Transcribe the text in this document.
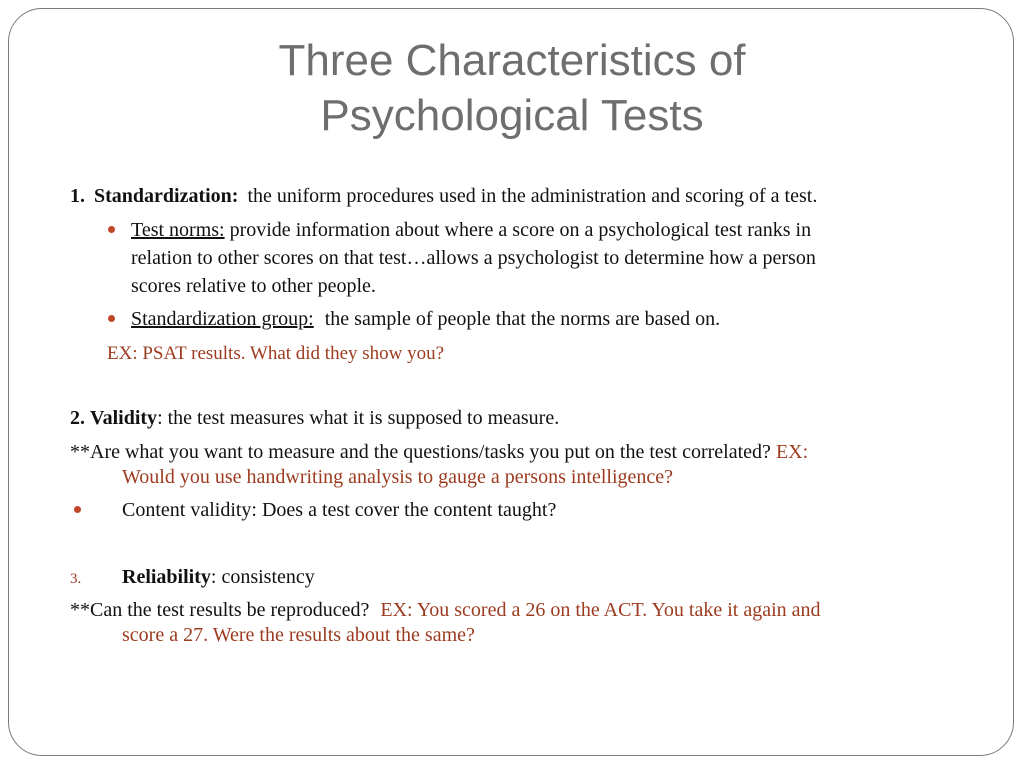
Three Characteristics of
Psychological Tests
1. Standardization: the uniform procedures used in the administration and scoring of a test.
Test norms: provide information about where a score on a psychological test ranks in
relation to other scores on that test…allows a psychologist to determine how a person
scores relative to other people.
Standardization group: the sample of people that the norms are based on.
EX: PSAT results. What did they show you?
2. Validity: the test measures what it is supposed to measure.
**Are what you want to measure and the questions/tasks you put on the test correlated? EX:
Would you use handwriting analysis to gauge a persons intelligence?
Content validity: Does a test cover the content taught?
3. Reliability: consistency
**Can the test results be reproduced? EX: You scored a 26 on the ACT. You take it again and
score a 27. Were the results about the same?
